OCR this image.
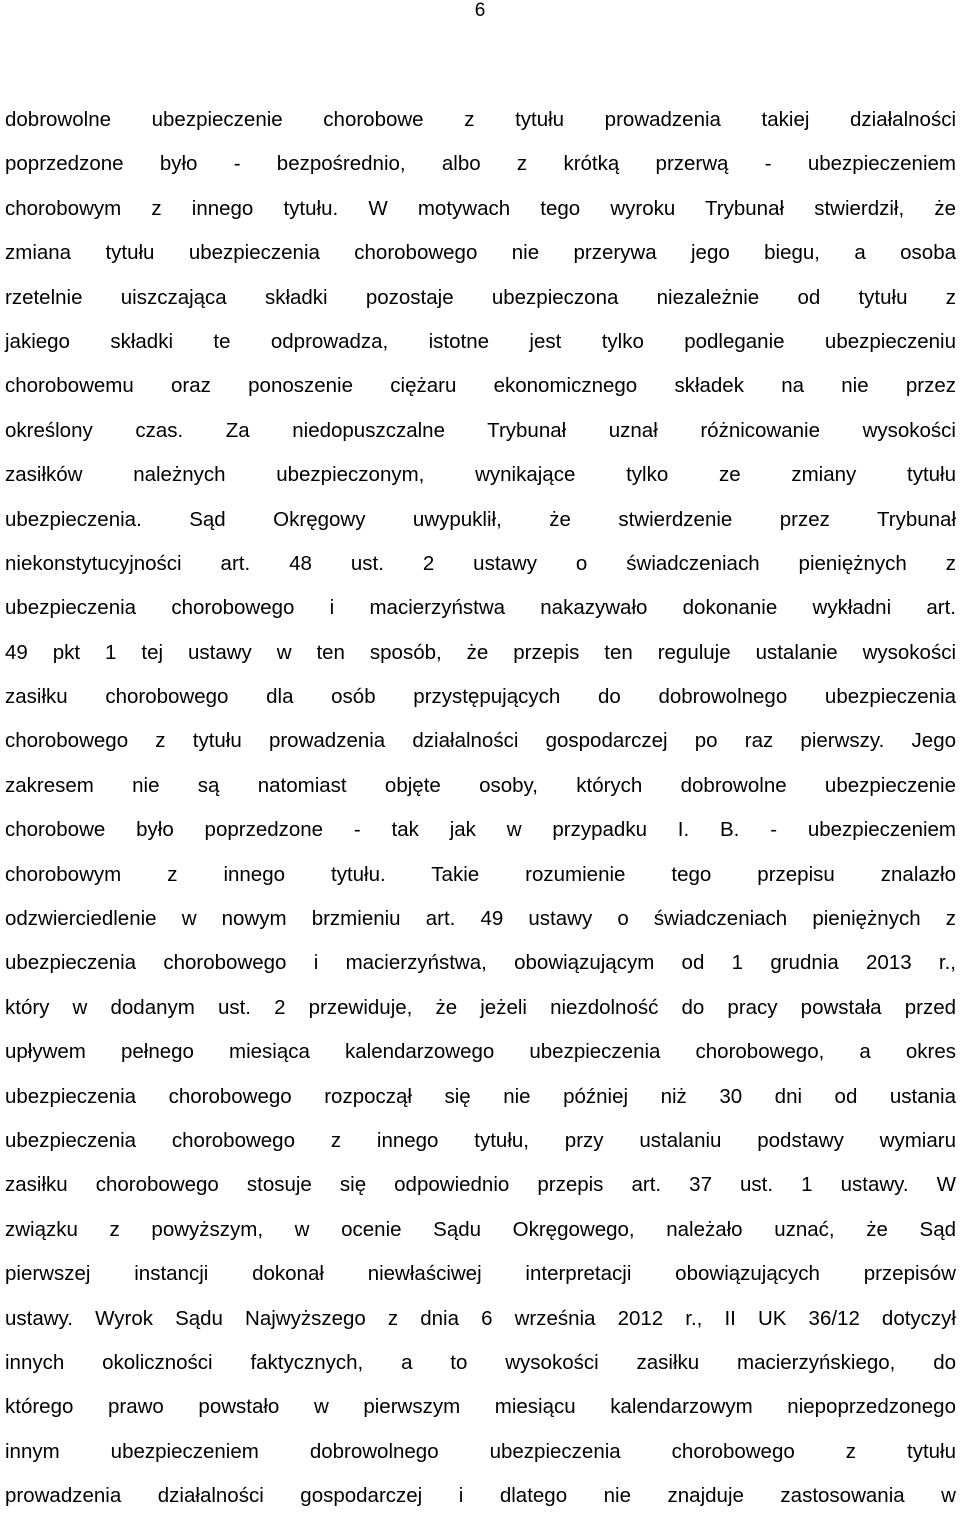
6
dobrowolne ubezpieczenie chorobowe z tytułu prowadzenia takiej działalności
poprzedzone było - bezpośrednio, albo z krótką przerwą - ubezpieczeniem
chorobowym z innego tytułu. W motywach tego wyroku Trybunał stwierdził, że
zmiana tytułu ubezpieczenia chorobowego nie przerywa jego biegu, a osoba
rzetelnie uiszczająca składki pozostaje ubezpieczona niezależnie od tytułu z
jakiego składki te odprowadza, istotne jest tylko podleganie ubezpieczeniu
chorobowemu oraz ponoszenie ciężaru ekonomicznego składek na nie przez
określony czas. Za niedopuszczalne Trybunał uznał różnicowanie wysokości
zasiłków należnych ubezpieczonym, wynikające tylko ze zmiany tytułu
ubezpieczenia. Sąd Okręgowy uwypuklił, że stwierdzenie przez Trybunał
niekonstytucyjności art. 48 ust. 2 ustawy o świadczeniach pieniężnych z
ubezpieczenia chorobowego i macierzyństwa nakazywało dokonanie wykładni art.
49 pkt 1 tej ustawy w ten sposób, że przepis ten reguluje ustalanie wysokości
zasiłku chorobowego dla osób przystępujących do dobrowolnego ubezpieczenia
chorobowego z tytułu prowadzenia działalności gospodarczej po raz pierwszy. Jego
zakresem nie są natomiast objęte osoby, których dobrowolne ubezpieczenie
chorobowe było poprzedzone - tak jak w przypadku I. B. - ubezpieczeniem
chorobowym z innego tytułu. Takie rozumienie tego przepisu znalazło
odzwierciedlenie w nowym brzmieniu art. 49 ustawy o świadczeniach pieniężnych z
ubezpieczenia chorobowego i macierzyństwa, obowiązującym od 1 grudnia 2013 r.,
który w dodanym ust. 2 przewiduje, że jeżeli niezdolność do pracy powstała przed
upływem pełnego miesiąca kalendarzowego ubezpieczenia chorobowego, a okres
ubezpieczenia chorobowego rozpoczął się nie później niż 30 dni od ustania
ubezpieczenia chorobowego z innego tytułu, przy ustalaniu podstawy wymiaru
zasiłku chorobowego stosuje się odpowiednio przepis art. 37 ust. 1 ustawy. W
związku z powyższym, w ocenie Sądu Okręgowego, należało uznać, że Sąd
pierwszej instancji dokonał niewłaściwej interpretacji obowiązujących przepisów
ustawy. Wyrok Sądu Najwyższego z dnia 6 września 2012 r., II UK 36/12 dotyczył
innych okoliczności faktycznych, a to wysokości zasiłku macierzyńskiego, do
którego prawo powstało w pierwszym miesiącu kalendarzowym niepoprzedzonego
innym ubezpieczeniem dobrowolnego ubezpieczenia chorobowego z tytułu
prowadzenia działalności gospodarczej i dlatego nie znajduje zastosowania w
